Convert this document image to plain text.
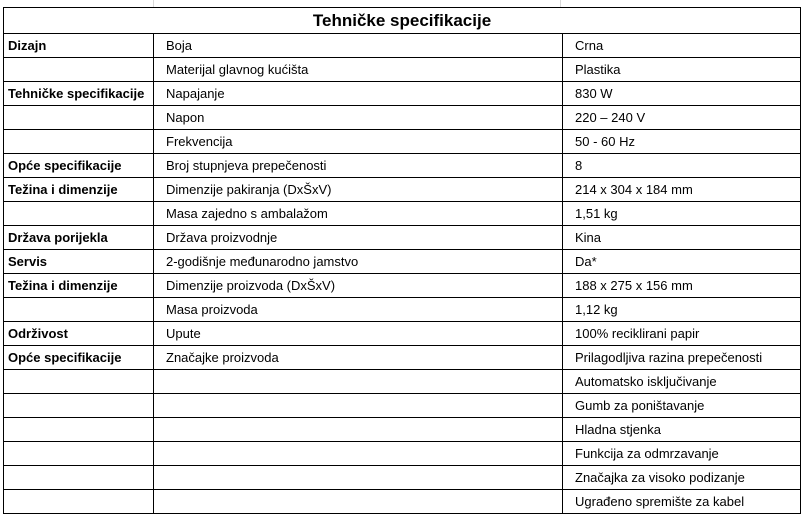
Tehničke specifikacije		
Dizajn	Boja	Crna
	Materijal glavnog kućišta	Plastika
Tehničke specifikacije	Napajanje	830 W
	Napon	220 – 240 V
	Frekvencija	50 - 60 Hz
Opće specifikacije	Broj stupnjeva prepečenosti	8
Težina i dimenzije	Dimenzije pakiranja (DxŠxV)	214 x 304 x 184 mm
	Masa zajedno s ambalažom	1,51 kg
Država porijekla	Država proizvodnje	Kina
Servis	2-godišnje međunarodno jamstvo	Da*
Težina i dimenzije	Dimenzije proizvoda (DxŠxV)	188 x 275 x 156 mm
	Masa proizvoda	1,12 kg
Održivost	Upute	100% reciklirani papir
Opće specifikacije	Značajke proizvoda	Prilagodljiva razina prepečenosti
		Automatsko isključivanje
		Gumb za poništavanje
		Hladna stjenka
		Funkcija za odmrzavanje
		Značajka za visoko podizanje
		Ugrađeno spremište za kabel
